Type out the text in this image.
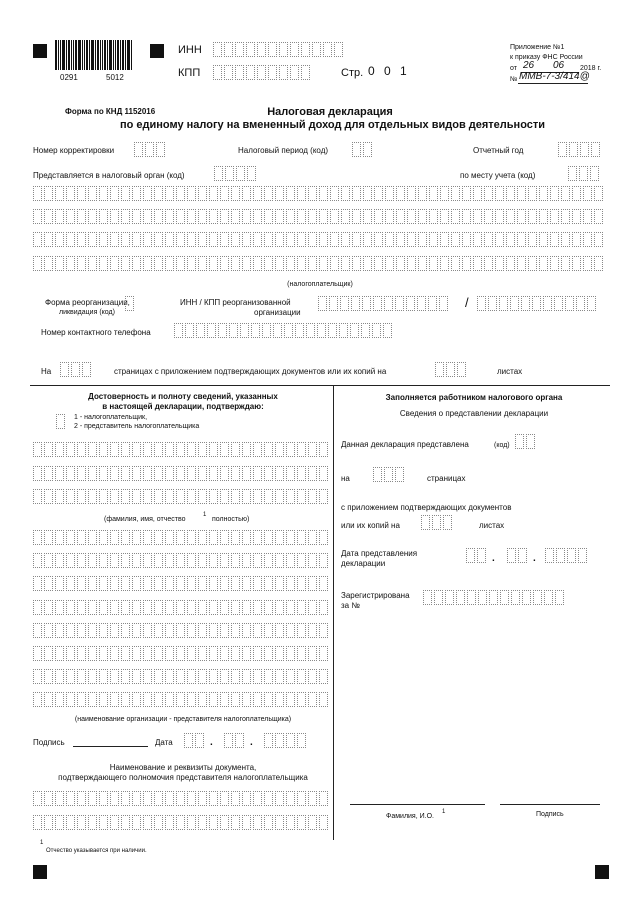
0291	5012
ИНН
КПП	Стр. 0 0 1
Приложение №1
к приказу ФНС России
от 26 06 2018 г.
№ ММВ-7-3/414@
Форма по КНД 1152016	Налоговая декларация
по единому налогу на вмененный доход для отдельных видов деятельности
Номер корректировки	Налоговый период (код)	Отчетный год
Представляется в налоговый орган (код)	по месту учета (код)
(налогоплательщик)
Форма реорганизации,
ликвидация (код)
ИНН / КПП реорганизованной
организации
/
Номер контактного телефона
На	страницах с приложением подтверждающих документов или их копий на	листах
Достоверность и полноту сведений, указанных
в настоящей декларации, подтверждаю:
1 - налогоплательщик,
2 - представитель налогоплательщика
(фамилия, имя, отчество
1
полностью)
(наименование организации - представителя налогоплательщика)
Подпись	Дата	.	.
Наименование и реквизиты документа,
подтверждающего полномочия представителя налогоплательщика
1
Отчество указывается при наличии.
Заполняется работником налогового органа
Сведения о представлении декларации
Данная декларация представлена	(код)
на	страницах
с приложением подтверждающих документов
или их копий на	листах
Дата представления
декларации	.	.
Зарегистрирована
за №
Фамилия, И.О.
1	Подпись
